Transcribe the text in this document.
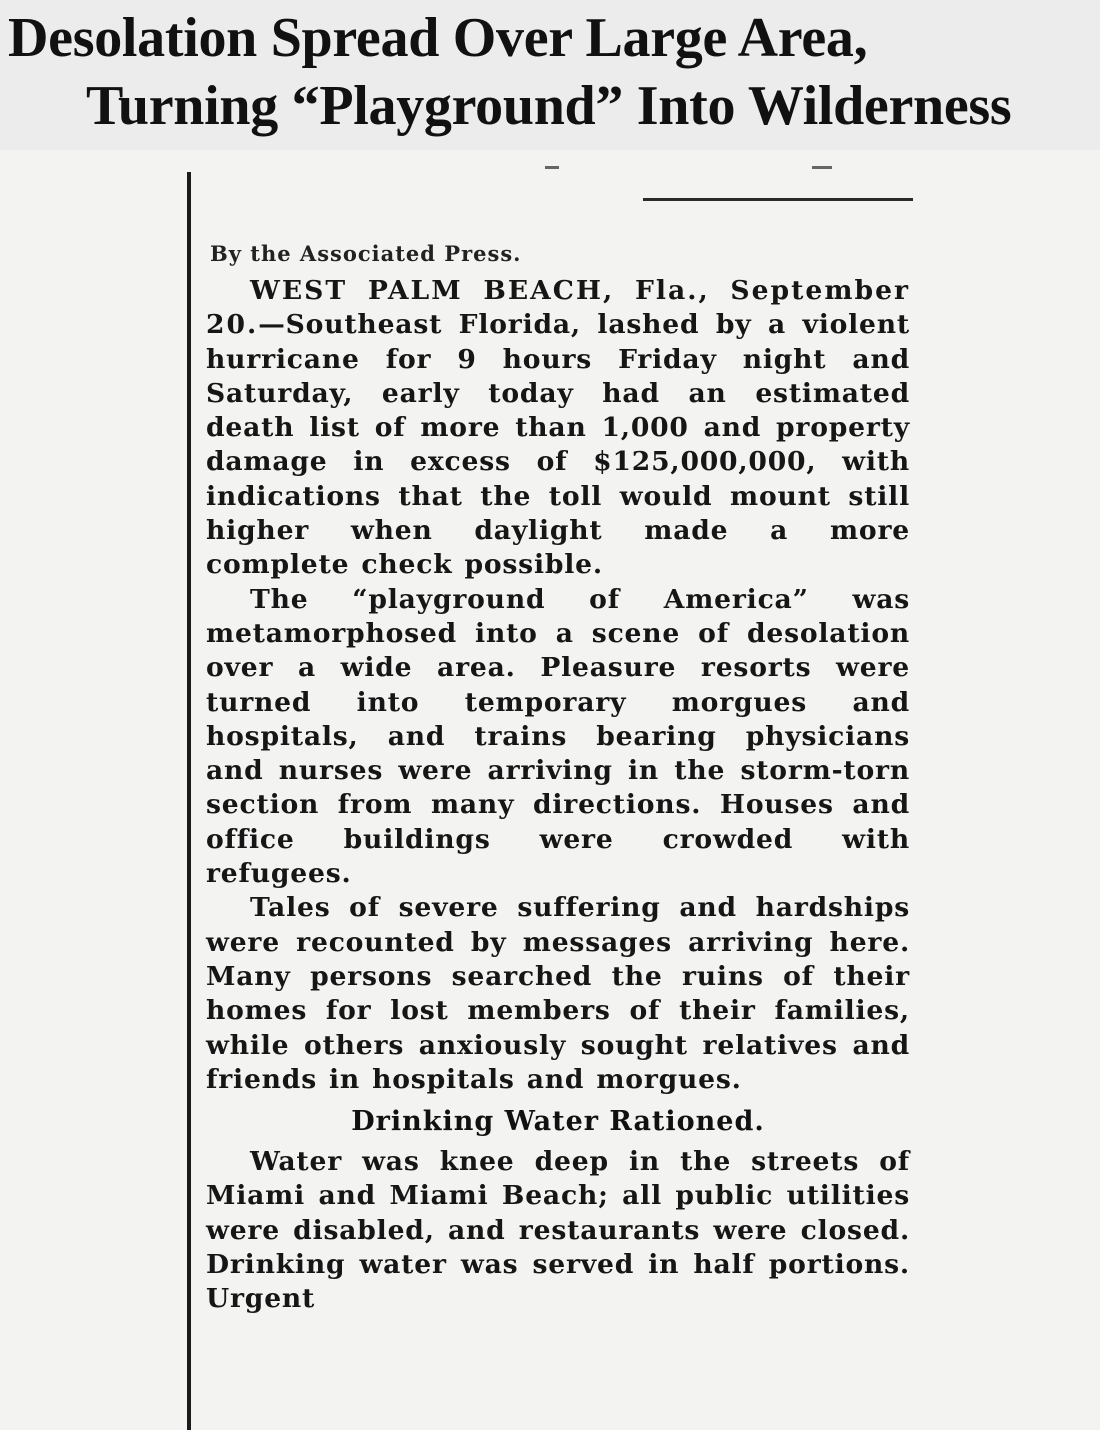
Desolation Spread Over Large Area,
Turning “Playground” Into Wilderness

By the Associated Press.

WEST PALM BEACH, Fla., September 20.—Southeast Florida, lashed by a violent hurricane for 9 hours Friday night and Saturday, early today had an estimated death list of more than 1,000 and property damage in excess of $125,000,000, with indications that the toll would mount still higher when daylight made a more complete check possible.

The “playground of America” was metamorphosed into a scene of desolation over a wide area. Pleasure resorts were turned into temporary morgues and hospitals, and trains bearing physicians and nurses were arriving in the storm-torn section from many directions. Houses and office buildings were crowded with refugees.

Tales of severe suffering and hardships were recounted by messages arriving here. Many persons searched the ruins of their homes for lost members of their families, while others anxiously sought relatives and friends in hospitals and morgues.

Drinking Water Rationed.

Water was knee deep in the streets of Miami and Miami Beach; all public utilities were disabled, and restaurants were closed. Drinking water was served in half portions. Urgent
